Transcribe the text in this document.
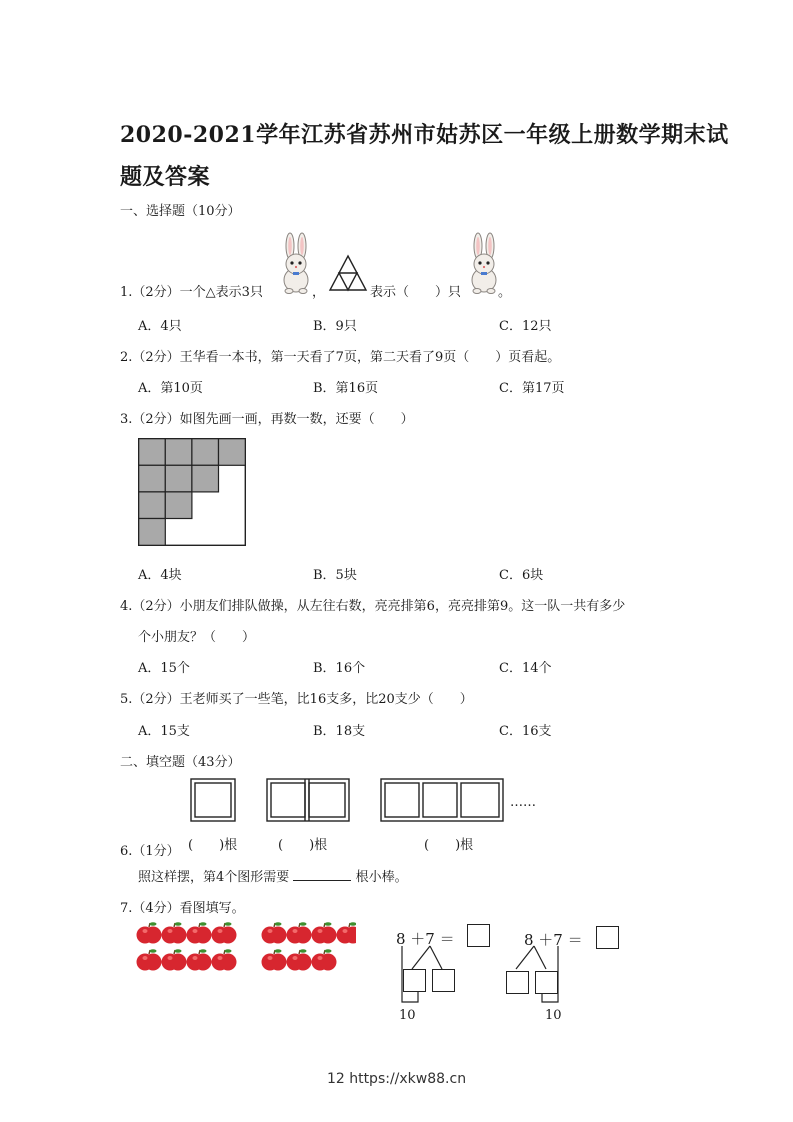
2020-2021学年江苏省苏州市姑苏区一年级上册数学期末试
题及答案
一、选择题（10分）
1.（2分）一个△表示3只	，	表示（　　）只	。
A．4只	B．9只	C．12只
2.（2分）王华看一本书，第一天看了7页，第二天看了9页（　　）页看起。
A．第10页	B．第16页	C．第17页
3.（2分）如图先画一画，再数一数，还要（　　）
A．4块	B．5块	C．6块
4.（2分）小朋友们排队做操，从左往右数，亮亮排第6，亮亮排第9。这一队一共有多少
个小朋友？（　　）
A．15个	B．16个	C．14个
5.（2分）王老师买了一些笔，比16支多，比20支少（　　）
A．15支	B．18支	C．16支
二、填空题（43分）
……
6.（1分） (　　)根	(　　)根	(　　)根
照这样摆，第4个图形需要	根小棒。
7.（4分）看图填写。
8 ＋7 ＝
10
8 ＋7 ＝
10
12 https://xkw88.cn
